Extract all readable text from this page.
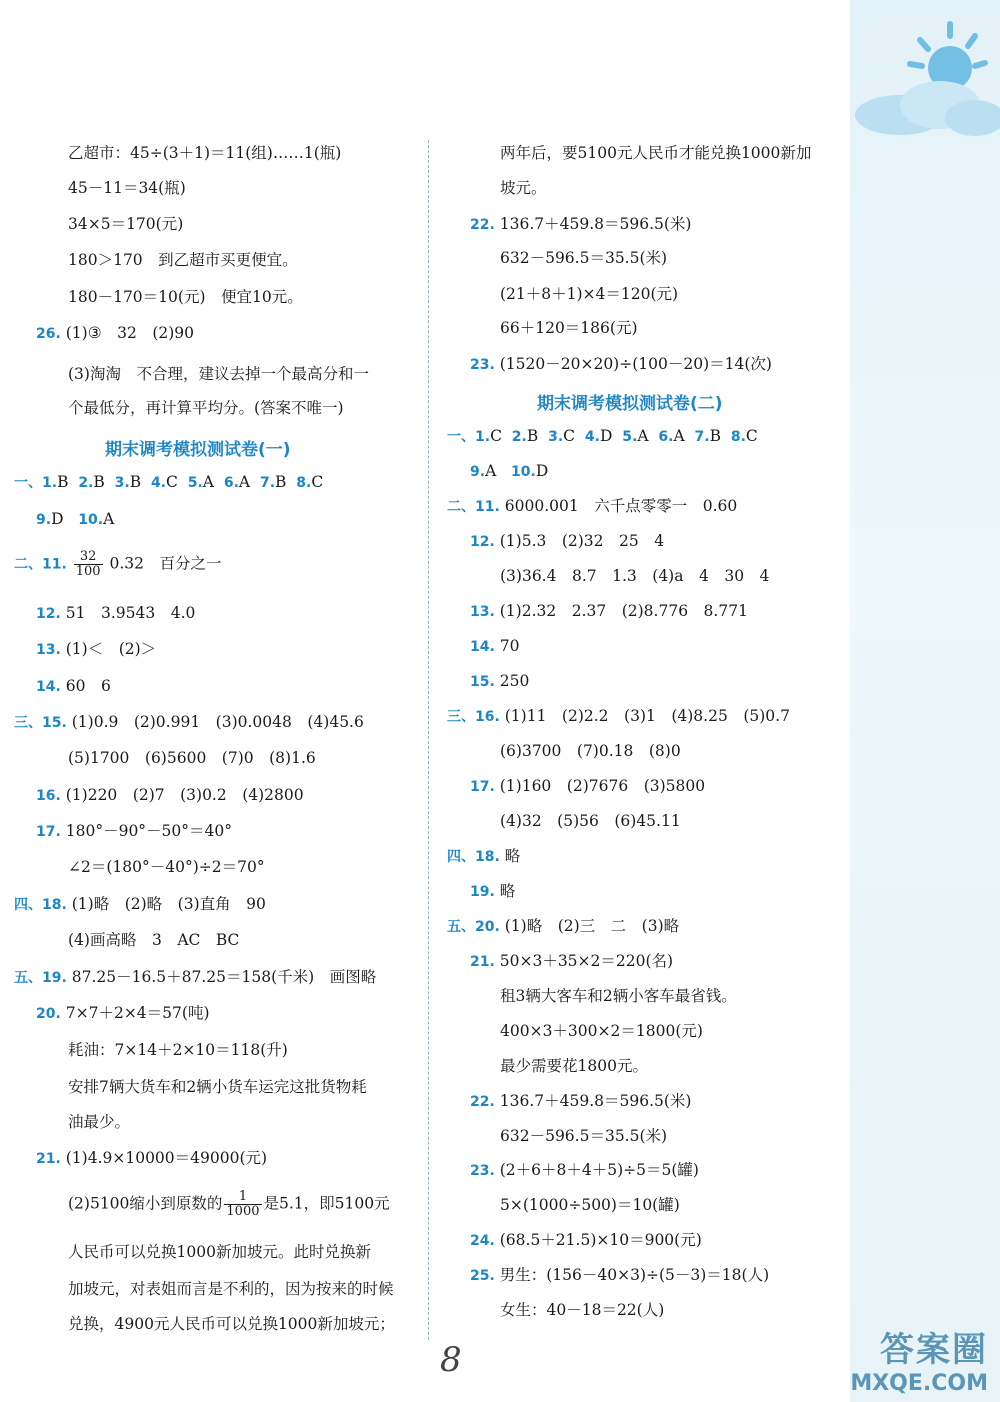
乙超市：45÷(3＋1)＝11(组)……1(瓶)
45－11＝34(瓶)
34×5＝170(元)
180＞170　到乙超市买更便宜。
180－170＝10(元)　便宜10元。
26. (1)③　32　(2)90
(3)淘淘　不合理，建议去掉一个最高分和一
个最低分，再计算平均分。(答案不唯一)
期末调考模拟测试卷(一)
一、1.B 2.B 3.B 4.C 5.A 6.A 7.B 8.C
9.D 10.A
二、11. $\frac{32}{100} 0.32$　百分之一
12. 51　3.9543　4.0
13. (1)＜　(2)＞
14. 60　6
三、15. (1)0.9　(2)0.991　(3)0.0048　(4)45.6
(5)1700　(6)5600　(7)0　(8)1.6
16. (1)220　(2)7　(3)0.2　(4)2800
17. 180°－90°－50°＝40°
∠2＝(180°－40°)÷2＝70°
四、18. (1)略　(2)略　(3)直角　90
(4)画高略　3　AC　BC
五、19. 87.25－16.5＋87.25＝158(千米)　画图略
20. 7×7＋2×4＝57(吨)
耗油：7×14＋2×10＝118(升)
安排7辆大货车和2辆小货车运完这批货物耗
油最少。
21. (1)4.9×10000＝49000(元)
(2)5100缩小到原数的 $\frac{1}{1000}$ 是5.1，即5100元
人民币可以兑换1000新加坡元。此时兑换新
加坡元，对表姐而言是不利的，因为按来的时候
兑换，4900元人民币可以兑换1000新加坡元；
两年后，要5100元人民币才能兑换1000新加
坡元。
22. 136.7＋459.8＝596.5(米)
632－596.5＝35.5(米)
(21＋8＋1)×4＝120(元)
66＋120＝186(元)
23. (1520－20×20)÷(100－20)＝14(次)
期末调考模拟测试卷(二)
一、1.C 2.B 3.C 4.D 5.A 6.A 7.B 8.C
9.A 10.D
二、11. 6000.001　六千点零零一　0.60
12. (1)5.3　(2)32　25　4
(3)36.4　8.7　1.3　(4)a　4　30　4
13. (1)2.32　2.37　(2)8.776　8.771
14. 70
15. 250
三、16. (1)11　(2)2.2　(3)1　(4)8.25　(5)0.7
(6)3700　(7)0.18　(8)0
17. (1)160　(2)7676　(3)5800
(4)32　(5)56　(6)45.11
四、18. 略
19. 略
五、20. (1)略　(2)三　二　(3)略
21. 50×3＋35×2＝220(名)
租3辆大客车和2辆小客车最省钱。
400×3＋300×2＝1800(元)
最少需要花1800元。
22. 136.7＋459.8＝596.5(米)
632－596.5＝35.5(米)
23. (2＋6＋8＋4＋5)÷5＝5(罐)
5×(1000÷500)＝10(罐)
24. (68.5＋21.5)×10＝900(元)
25. 男生：(156－40×3)÷(5－3)＝18(人)
女生：40－18＝22(人)
8	答案圈
MXQE.COM
